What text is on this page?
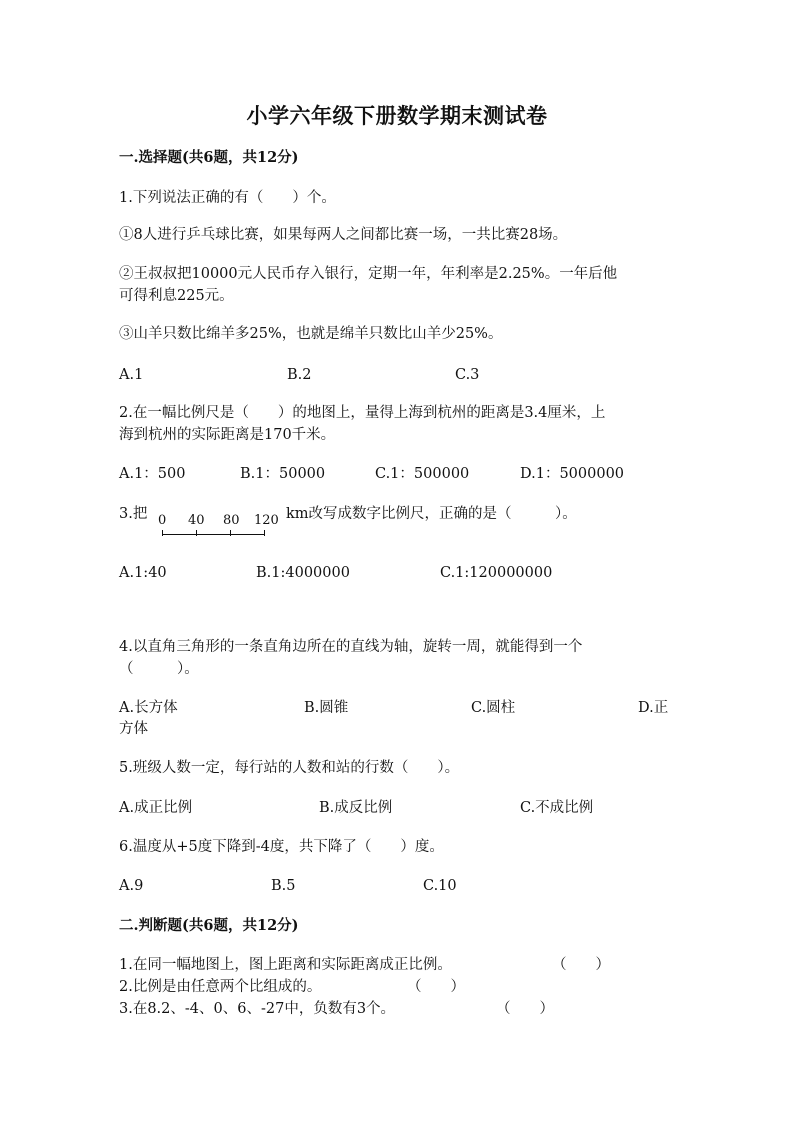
小学六年级下册数学期末测试卷
一.选择题(共6题，共12分)
1.下列说法正确的有（　　）个。
①8人进行乒乓球比赛，如果每两人之间都比赛一场，一共比赛28场。
②王叔叔把10000元人民币存入银行，定期一年，年利率是2.25%。一年后他
可得利息225元。
③山羊只数比绵羊多25%，也就是绵羊只数比山羊少25%。
A.1	B.2	C.3
2.在一幅比例尺是（　　）的地图上，量得上海到杭州的距离是3.4厘米，上
海到杭州的实际距离是170千米。
A.1：500	B.1：50000	C.1：500000	D.1：5000000
3.把 0 40 80 120 km改写成数字比例尺，正确的是（　　　）。
A.1:40	B.1:4000000	C.1:120000000
4.以直角三角形的一条直角边所在的直线为轴，旋转一周，就能得到一个
（　　　）。
A.长方体	B.圆锥	C.圆柱	D.正
方体
5.班级人数一定，每行站的人数和站的行数（　　）。
A.成正比例	B.成反比例	C.不成比例
6.温度从+5度下降到-4度，共下降了（　　）度。
A.9	B.5	C.10
二.判断题(共6题，共12分)
1.在同一幅地图上，图上距离和实际距离成正比例。	（　　）
2.比例是由任意两个比组成的。	（　　）
3.在8.2、-4、0、6、-27中，负数有3个。	（　　）
